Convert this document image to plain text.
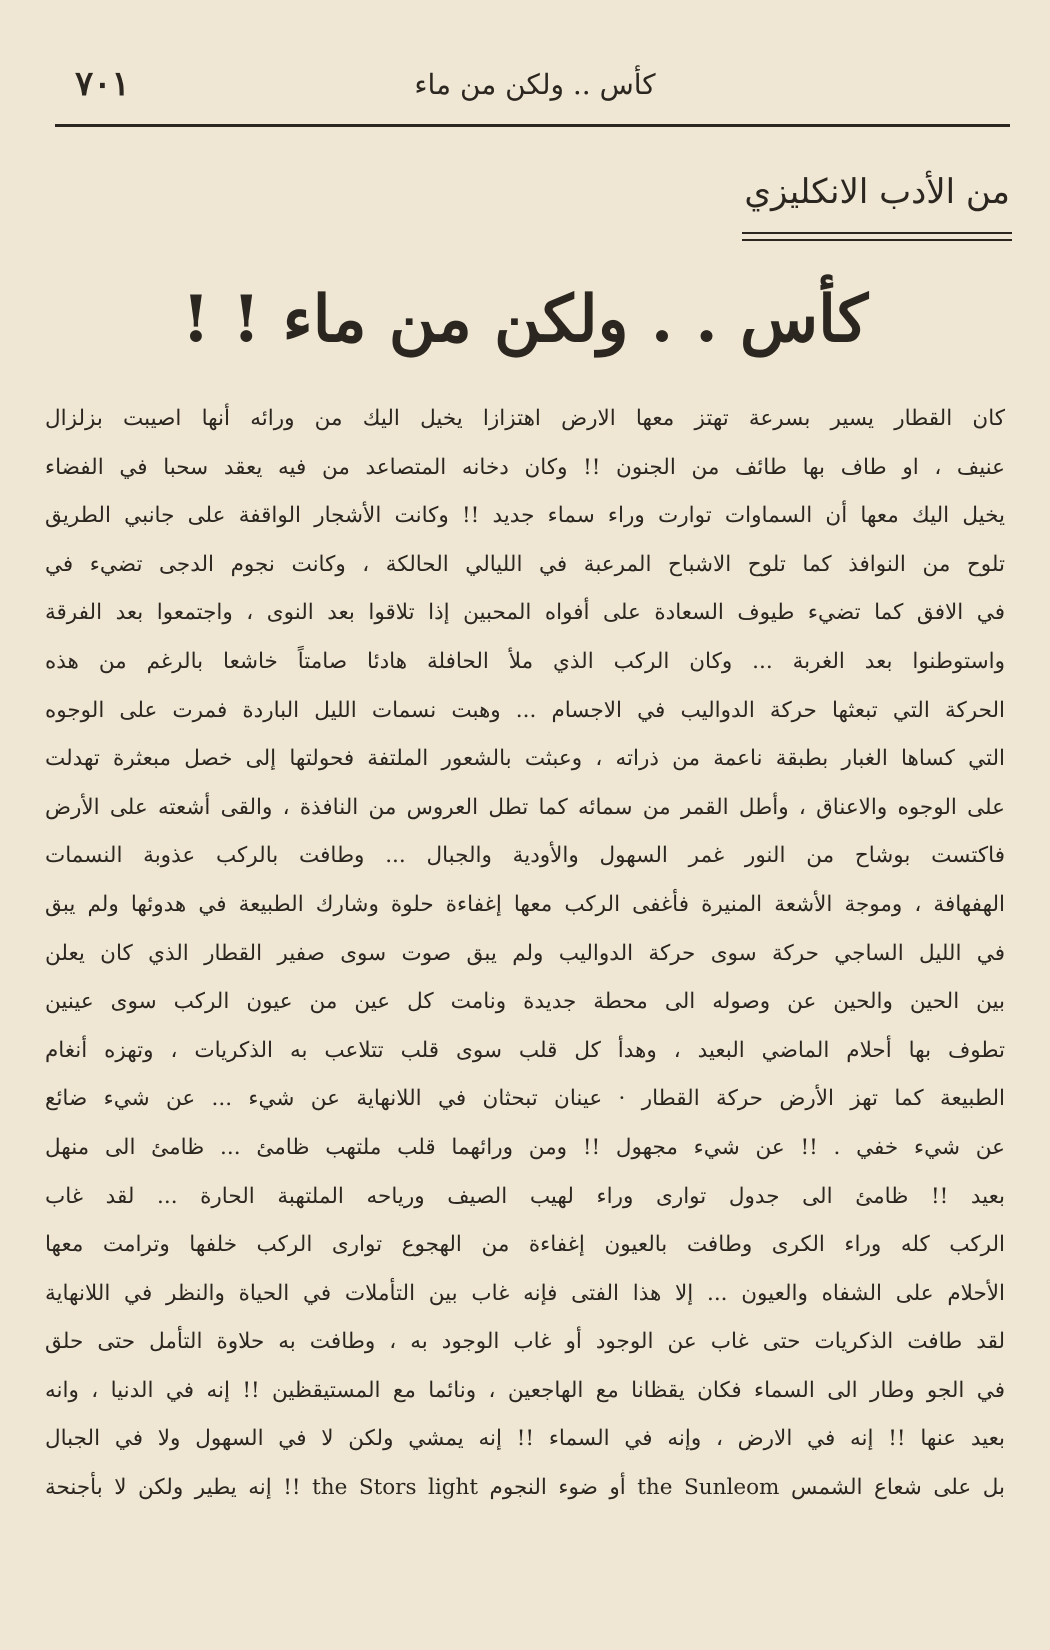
٧٠١	كأس .. ولكن من ماء
من الأدب الانكليزي
كأس . . ولكن من ماء ! !
كان القطار يسير بسرعة تهتز معها الارض اهتزازا يخيل اليك من ورائه أنها اصيبت بزلزال
عنيف ، او طاف بها طائف من الجنون !! وكان دخانه المتصاعد من فيه يعقد سحبا في الفضاء
يخيل اليك معها أن السماوات توارت وراء سماء جديد !! وكانت الأشجار الواقفة على جانبي الطريق
تلوح من النوافذ كما تلوح الاشباح المرعبة في الليالي الحالكة ، وكانت نجوم الدجى تضيء في
في الافق كما تضيء طيوف السعادة على أفواه المحبين إذا تلاقوا بعد النوى ، واجتمعوا بعد الفرقة
واستوطنوا بعد الغربة ... وكان الركب الذي ملأ الحافلة هادئا صامتاً خاشعا بالرغم من هذه
الحركة التي تبعثها حركة الدواليب في الاجسام ... وهبت نسمات الليل الباردة فمرت على الوجوه
التي كساها الغبار بطبقة ناعمة من ذراته ، وعبثت بالشعور الملتفة فحولتها إلى خصل مبعثرة تهدلت
على الوجوه والاعناق ، وأطل القمر من سمائه كما تطل العروس من النافذة ، والقى أشعته على الأرض
فاكتست بوشاح من النور غمر السهول والأودية والجبال ... وطافت بالركب عذوبة النسمات
الهفهافة ، وموجة الأشعة المنيرة فأغفى الركب معها إغفاءة حلوة وشارك الطبيعة في هدوئها ولم يبق
في الليل الساجي حركة سوى حركة الدواليب ولم يبق صوت سوى صفير القطار الذي كان يعلن
بين الحين والحين عن وصوله الى محطة جديدة ونامت كل عين من عيون الركب سوى عينين
تطوف بها أحلام الماضي البعيد ، وهدأ كل قلب سوى قلب تتلاعب به الذكريات ، وتهزه أنغام
الطبيعة كما تهز الأرض حركة القطار · عينان تبحثان في اللانهاية عن شيء ... عن شيء ضائع
عن شيء خفي . !! عن شيء مجهول !! ومن ورائهما قلب ملتهب ظامئ ... ظامئ الى منهل
بعيد !! ظامئ الى جدول توارى وراء لهيب الصيف ورياحه الملتهبة الحارة ... لقد غاب
الركب كله وراء الكرى وطافت بالعيون إغفاءة من الهجوع توارى الركب خلفها وترامت معها
الأحلام على الشفاه والعيون ... إلا هذا الفتى فإنه غاب بين التأملات في الحياة والنظر في اللانهاية
لقد طافت الذكريات حتى غاب عن الوجود أو غاب الوجود به ، وطافت به حلاوة التأمل حتى حلق
في الجو وطار الى السماء فكان يقظانا مع الهاجعين ، ونائما مع المستيقظين !! إنه في الدنيا ، وانه
بعيد عنها !! إنه في الارض ، وإنه في السماء !! إنه يمشي ولكن لا في السهول ولا في الجبال
بل على شعاع الشمس the Sunleom أو ضوء النجوم the Stors light !! إنه يطير ولكن لا بأجنحة
